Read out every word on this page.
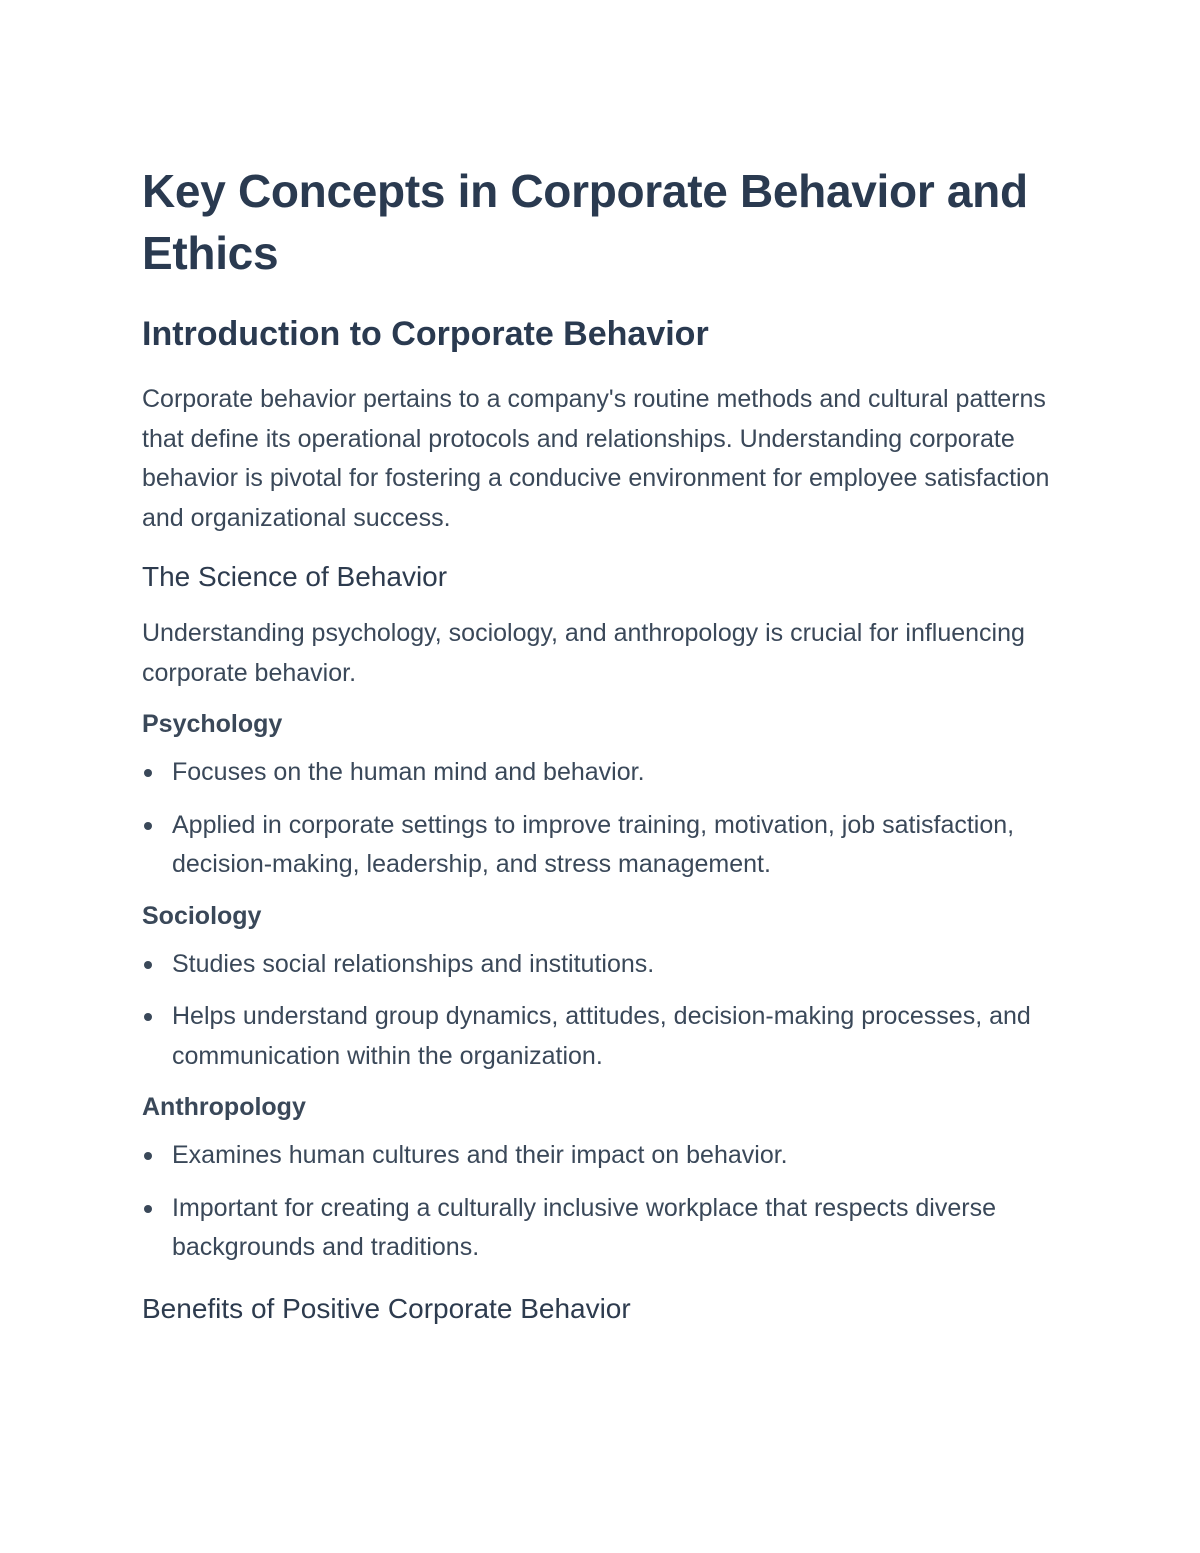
Key Concepts in Corporate Behavior and Ethics
Introduction to Corporate Behavior

Corporate behavior pertains to a company's routine methods and cultural patterns that define its operational protocols and relationships. Understanding corporate behavior is pivotal for fostering a conducive environment for employee satisfaction and organizational success.

The Science of Behavior

Understanding psychology, sociology, and anthropology is crucial for influencing corporate behavior.

Psychology
Focuses on the human mind and behavior.
Applied in corporate settings to improve training, motivation, job satisfaction, decision-making, leadership, and stress management.
Sociology
Studies social relationships and institutions.
Helps understand group dynamics, attitudes, decision-making processes, and communication within the organization.
Anthropology
Examines human cultures and their impact on behavior.
Important for creating a culturally inclusive workplace that respects diverse backgrounds and traditions.
Benefits of Positive Corporate Behavior
